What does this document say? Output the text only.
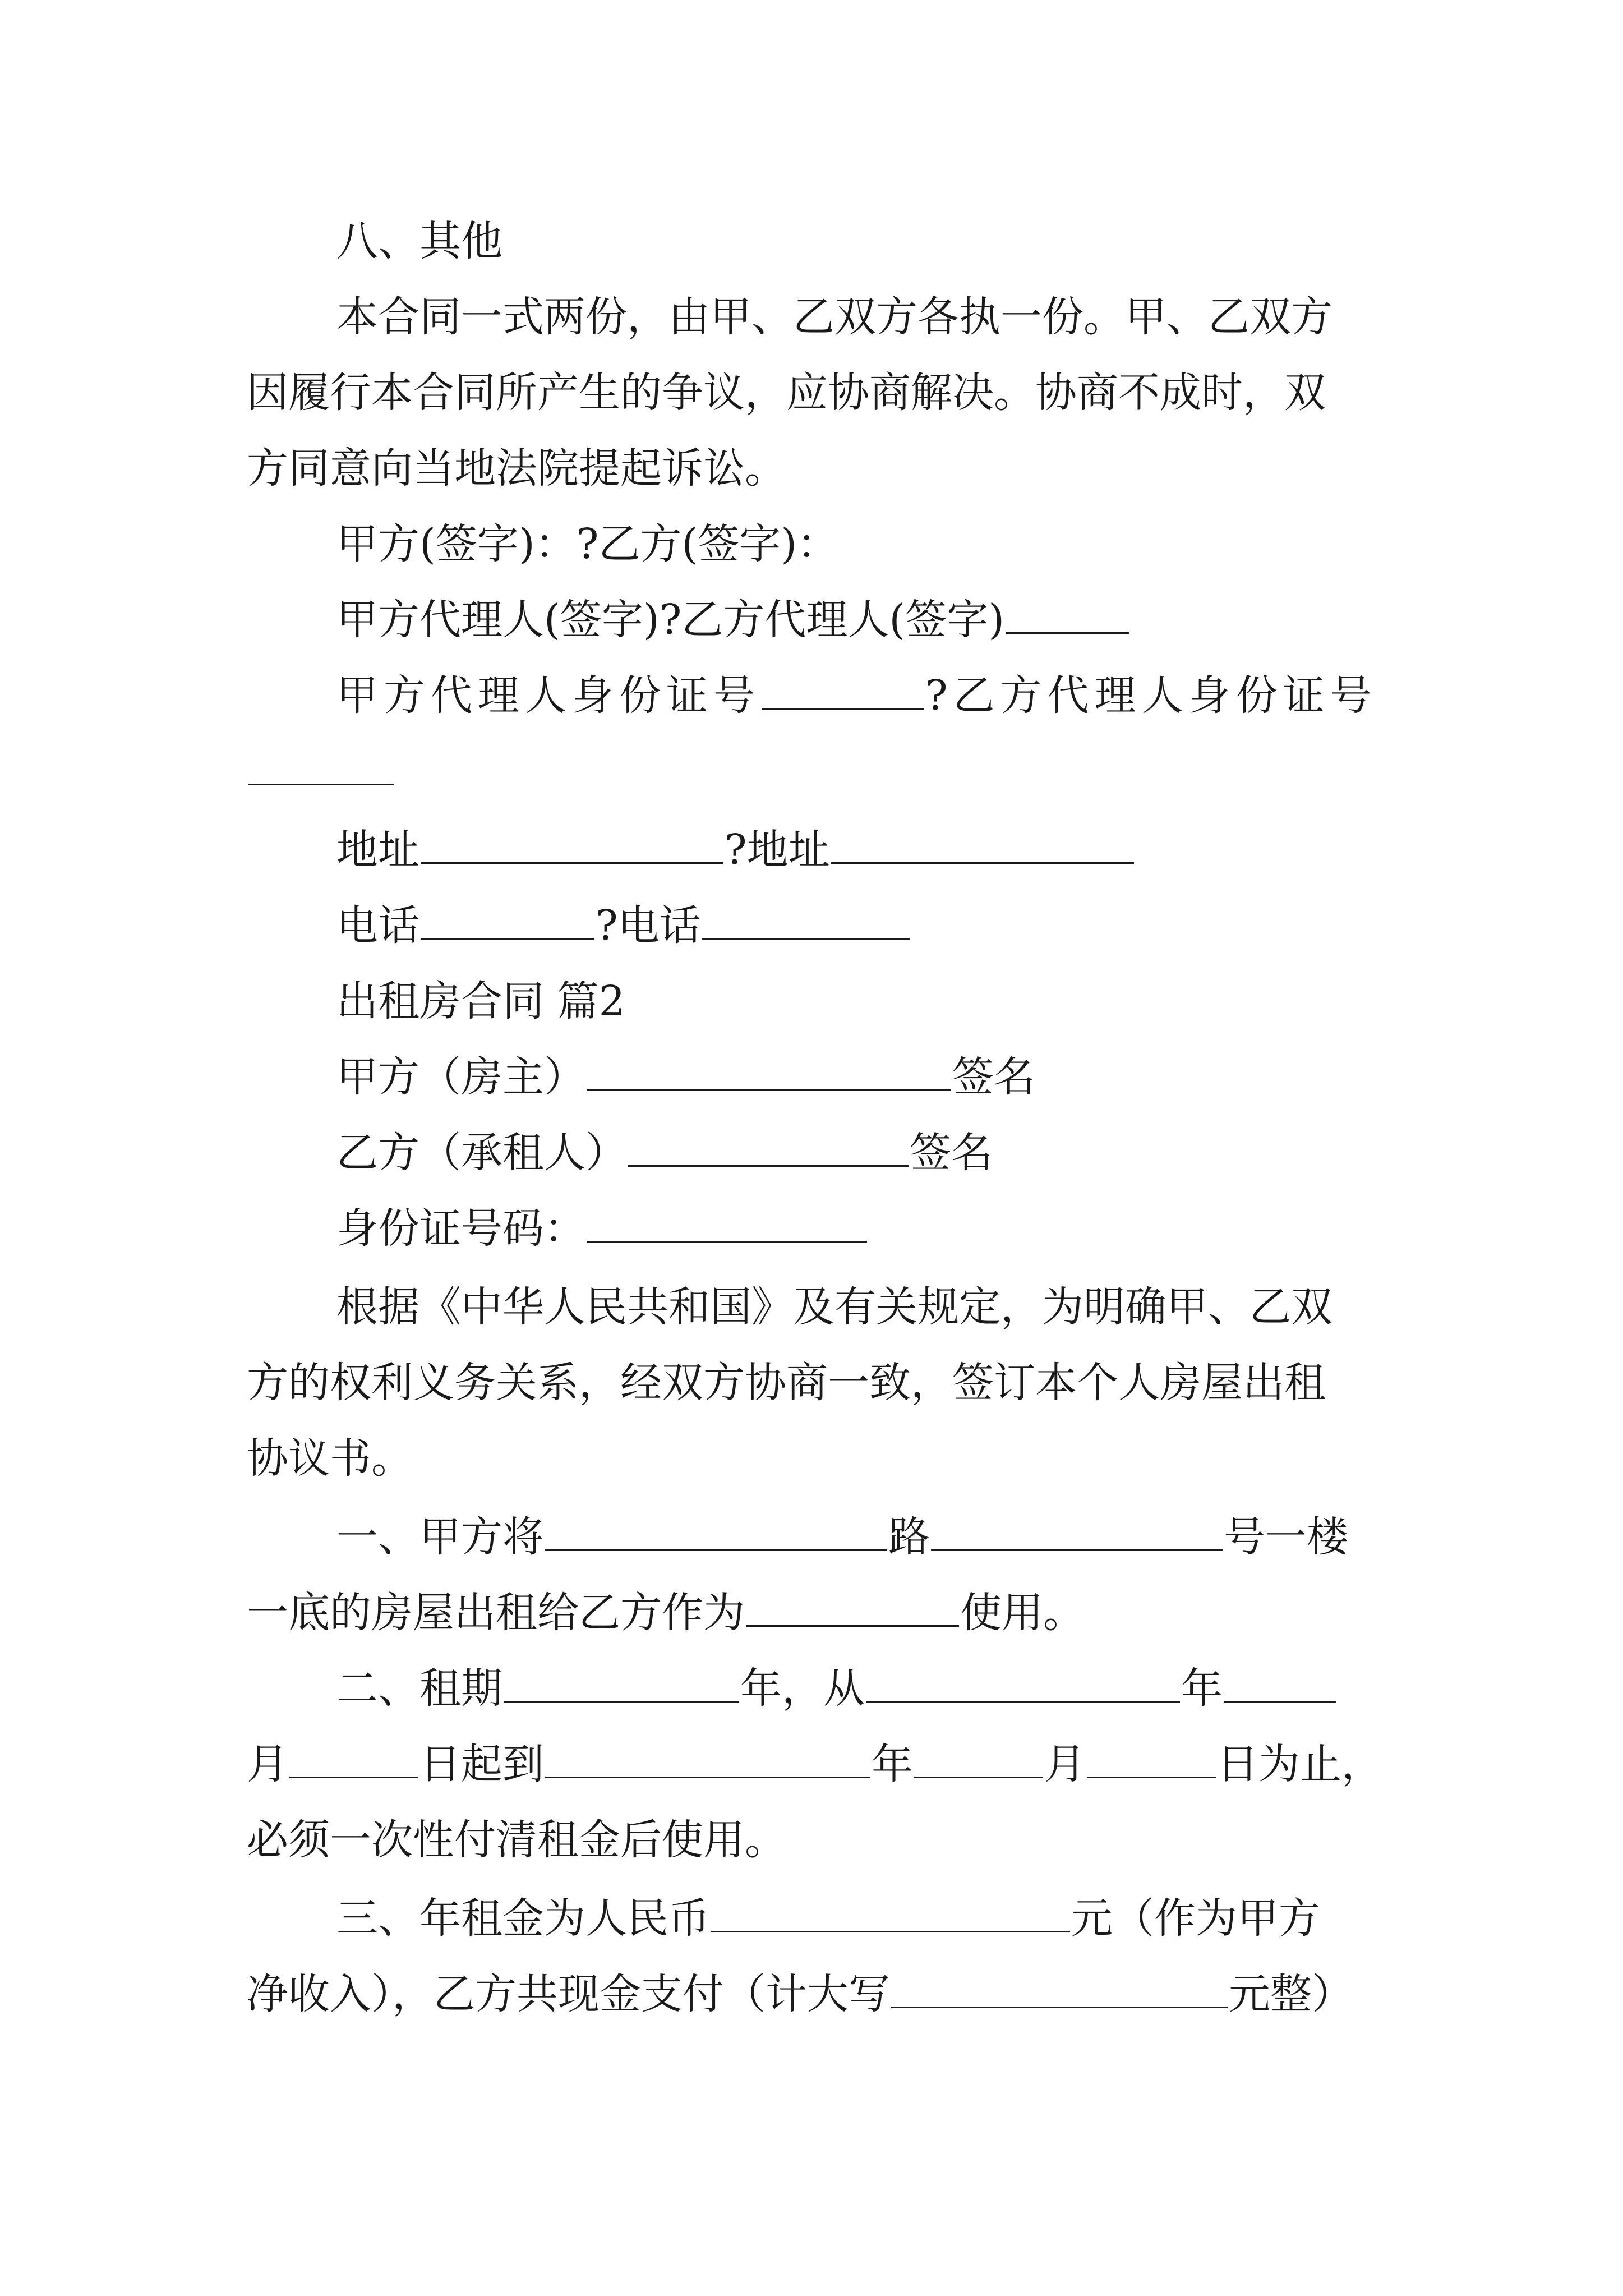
八、其他
本合同一式两份，由甲、乙双方各执一份。甲、乙双方
因履行本合同所产生的争议，应协商解决。协商不成时，双
方同意向当地法院提起诉讼。
甲方(签字)：?乙方(签字)：
甲方代理人(签字)?乙方代理人(签字)
甲方代理人身份证号	?乙方代理人身份证号
地址	?地址
电话	?电话
出租房合同 篇2
甲方（房主）	签名
乙方（承租人）	签名
身份证号码：
根据《中华人民共和国》及有关规定，为明确甲、乙双
方的权利义务关系，经双方协商一致，签订本个人房屋出租
协议书。
一、甲方将	路	号一楼
一底的房屋出租给乙方作为	使用。
二、租期	年，从	年
月	日起到	年	月	日为止，
必须一次性付清租金后使用。
三、年租金为人民币	元（作为甲方
净收入），乙方共现金支付（计大写	元整）
